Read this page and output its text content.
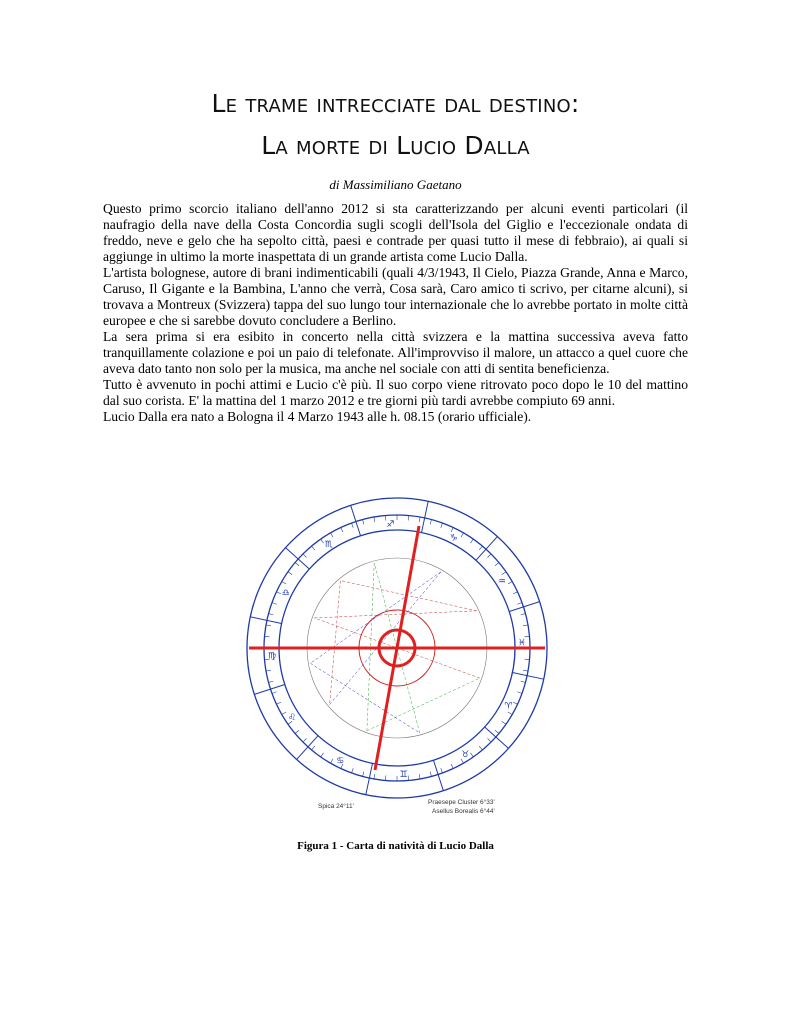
Le trame intrecciate dal destino:
La morte di Lucio Dalla
di Massimiliano Gaetano

Questo primo scorcio italiano dell'anno 2012 si sta caratterizzando per alcuni eventi particolari (il naufragio della nave della Costa Concordia sugli scogli dell'Isola del Giglio e l'eccezionale ondata di freddo, neve e gelo che ha sepolto città, paesi e contrade per quasi tutto il mese di febbraio), ai quali si aggiunge in ultimo la morte inaspettata di un grande artista come Lucio Dalla.

L'artista bolognese, autore di brani indimenticabili (quali 4/3/1943, Il Cielo, Piazza Grande, Anna e Marco, Caruso, Il Gigante e la Bambina, L'anno che verrà, Cosa sarà, Caro amico ti scrivo, per citarne alcuni), si trovava a Montreux (Svizzera) tappa del suo lungo tour internazionale che lo avrebbe portato in molte città europee e che si sarebbe dovuto concludere a Berlino.

La sera prima si era esibito in concerto nella città svizzera e la mattina successiva aveva fatto tranquillamente colazione e poi un paio di telefonate. All'improvviso il malore, un attacco a quel cuore che aveva dato tanto non solo per la musica, ma anche nel sociale con atti di sentita beneficienza.

Tutto è avvenuto in pochi attimi e Lucio c'è più. Il suo corpo viene ritrovato poco dopo le 10 del mattino dal suo corista. E' la mattina del 1 marzo 2012 e tre giorni più tardi avrebbe compiuto 69 anni.

Lucio Dalla era nato a Bologna il 4 Marzo 1943 alle h. 08.15 (orario ufficiale).

♈
♉
♊
♋
♌
♍
♎
♏
♐
♑
♒
♓
Spica 24°11'
Praesepe Cluster 6°33'
Asellus Borealis 6°44'
Figura 1 - Carta di natività di Lucio Dalla
